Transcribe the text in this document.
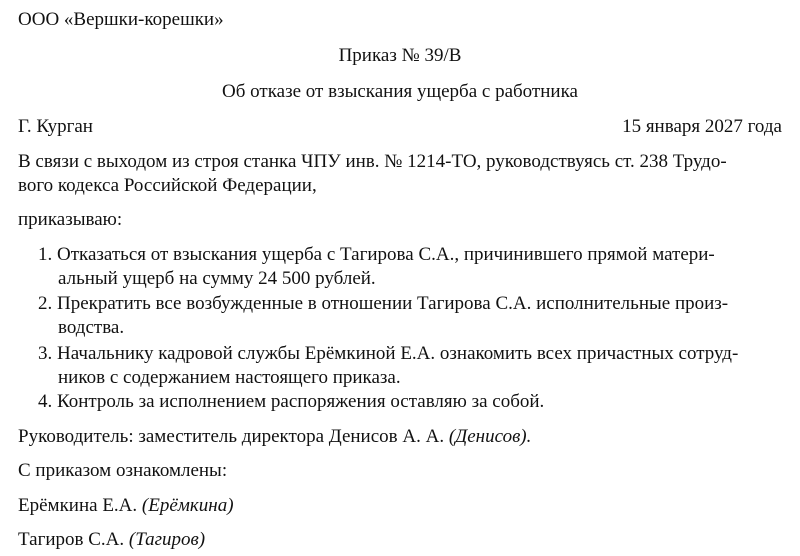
ООО «Вершки-корешки»
Приказ № 39/В
Об отказе от взыскания ущерба с работника
Г. Курган	15 января 2027 года
В связи с выходом из строя станка ЧПУ инв. № 1214-ТО, руководствуясь ст. 238 Трудо-
вого кодекса Российской Федерации,
приказываю:
1. Отказаться от взыскания ущерба с Тагирова С.А., причинившего прямой матери-
альный ущерб на сумму 24 500 рублей.
2. Прекратить все возбужденные в отношении Тагирова С.А. исполнительные произ-
водства.
3. Начальнику кадровой службы Ерёмкиной Е.А. ознакомить всех причастных сотруд-
ников с содержанием настоящего приказа.
4. Контроль за исполнением распоряжения оставляю за собой.
Руководитель: заместитель директора Денисов А. А. (Денисов).
С приказом ознакомлены:
Ерёмкина Е.А. (Ерёмкина)
Тагиров С.А. (Тагиров)
